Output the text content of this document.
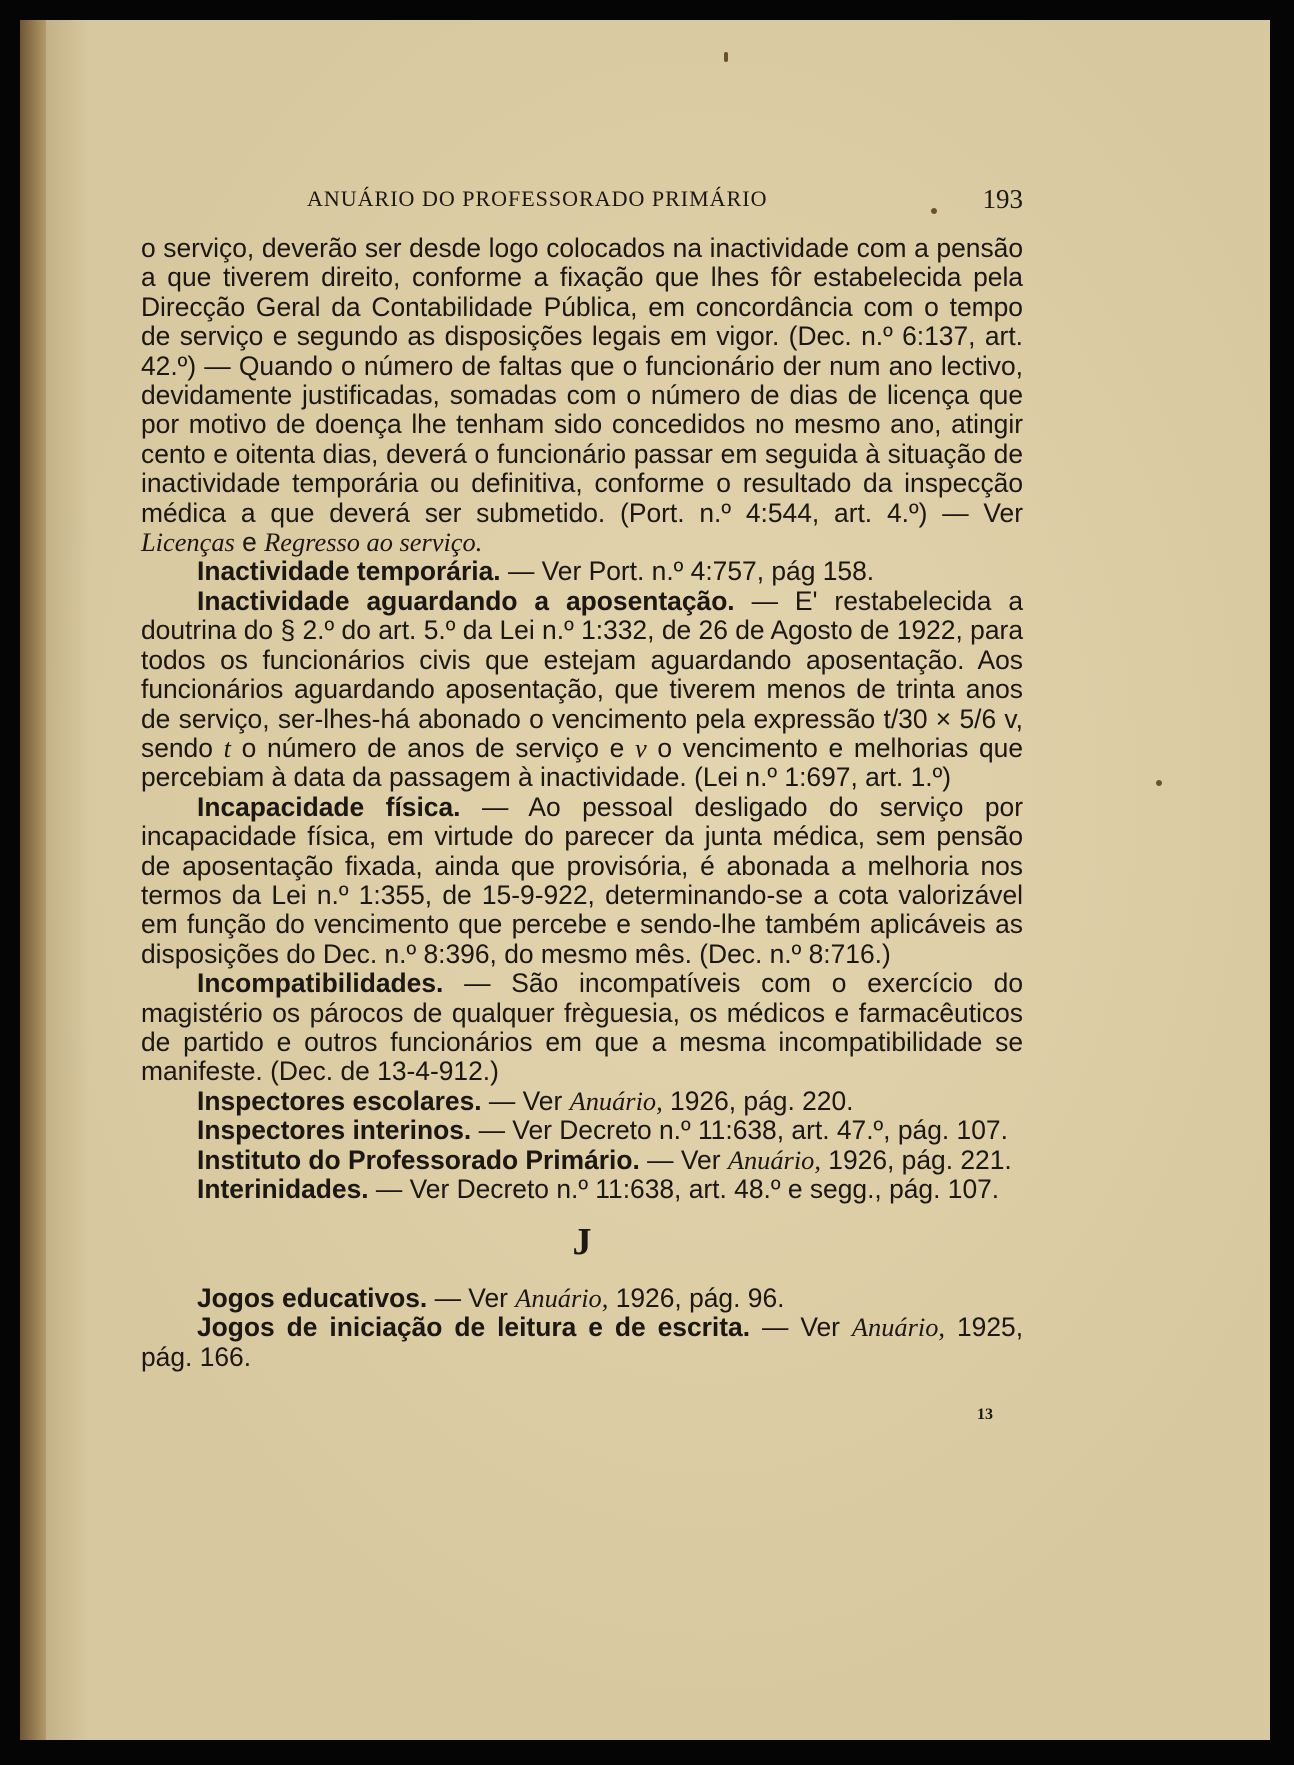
ANUÁRIO DO PROFESSORADO PRIMÁRIO	193

o serviço, deverão ser desde logo colocados na inactividade com a pensão a que tiverem direito, conforme a fixação que lhes fôr estabelecida pela Direcção Geral da Contabilidade Pública, em concordância com o tempo de serviço e segundo as disposições legais em vigor. (Dec. n.º 6:137, art. 42.º) — Quando o número de faltas que o funcionário der num ano lectivo, devidamente justificadas, somadas com o número de dias de licença que por motivo de doença lhe tenham sido concedidos no mesmo ano, atingir cento e oitenta dias, deverá o funcionário passar em seguida à situação de inactividade temporária ou definitiva, conforme o resultado da inspecção médica a que deverá ser submetido. (Port. n.º 4:544, art. 4.º) — Ver Licenças e Regresso ao serviço.

Inactividade temporária. — Ver Port. n.º 4:757, pág 158.

Inactividade aguardando a aposentação. — E' restabelecida a doutrina do § 2.º do art. 5.º da Lei n.º 1:332, de 26 de Agosto de 1922, para todos os funcionários civis que estejam aguardando aposentação. Aos funcionários aguardando aposentação, que tiverem menos de trinta anos de serviço, ser-lhes-há abonado o vencimento pela expressão t/30 × 5/6 v, sendo t o número de anos de serviço e v o vencimento e melhorias que percebiam à data da passagem à inactividade. (Lei n.º 1:697, art. 1.º)

Incapacidade física. — Ao pessoal desligado do serviço por incapacidade física, em virtude do parecer da junta médica, sem pensão de aposentação fixada, ainda que provisória, é abonada a melhoria nos termos da Lei n.º 1:355, de 15-9-922, determinando-se a cota valorizável em função do vencimento que percebe e sendo-lhe também aplicáveis as disposições do Dec. n.º 8:396, do mesmo mês. (Dec. n.º 8:716.)

Incompatibilidades. — São incompatíveis com o exercício do magistério os párocos de qualquer frèguesia, os médicos e farmacêuticos de partido e outros funcionários em que a mesma incompatibilidade se manifeste. (Dec. de 13-4-912.)

Inspectores escolares. — Ver Anuário, 1926, pág. 220.

Inspectores interinos. — Ver Decreto n.º 11:638, art. 47.º, pág. 107.

Instituto do Professorado Primário. — Ver Anuário, 1926, pág. 221.

Interinidades. — Ver Decreto n.º 11:638, art. 48.º e segg., pág. 107.

J

Jogos educativos. — Ver Anuário, 1926, pág. 96.

Jogos de iniciação de leitura e de escrita. — Ver Anuário, 1925, pág. 166.

13
